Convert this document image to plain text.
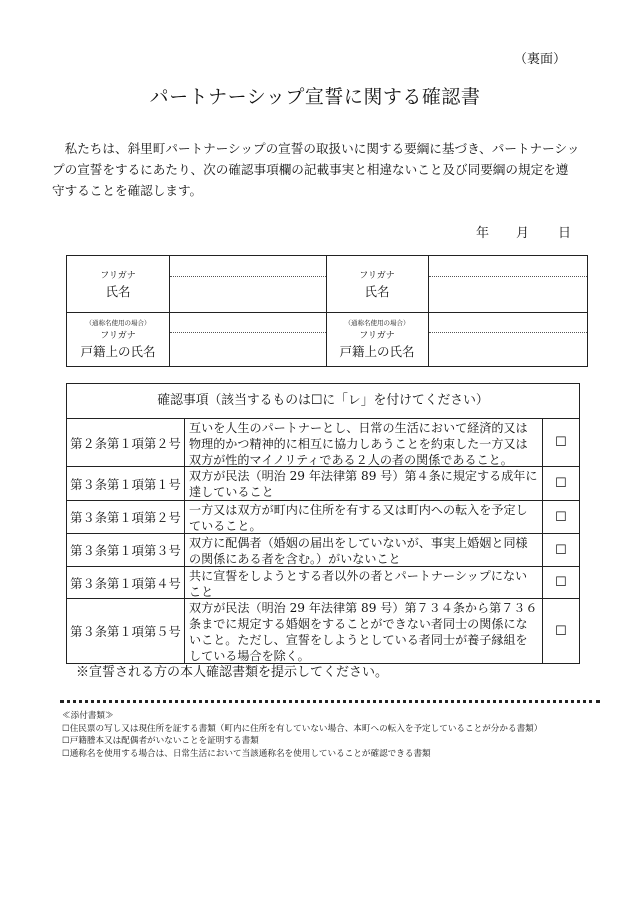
（裏面）
パートナーシップ宣誓に関する確認書
私たちは、斜里町パートナーシップの宣誓の取扱いに関する要綱に基づき、パートナーシップの宣誓をするにあたり、次の確認事項欄の記載事実と相違ないこと及び同要綱の規定を遵守することを確認します。
年 月 日
フリガナ
氏名
フリガナ
氏名
（通称名使用の場合）
フリガナ
戸籍上の氏名
（通称名使用の場合）
フリガナ
戸籍上の氏名
確認事項（該当するものは☐に「レ」を付けてください）
第２条第１項第２号
互いを人生のパートナーとし、日常の生活において経済的又は物理的かつ精神的に相互に協力しあうことを約束した一方又は双方が性的マイノリティである２人の者の関係であること。
☐
第３条第１項第１号
双方が民法（明治 29 年法律第 89 号）第４条に規定する成年に達していること
☐
第３条第１項第２号
一方又は双方が町内に住所を有する又は町内への転入を予定していること。
☐
第３条第１項第３号
双方に配偶者（婚姻の届出をしていないが、事実上婚姻と同様の関係にある者を含む。）がいないこと
☐
第３条第１項第４号
共に宣誓をしようとする者以外の者とパートナーシップにないこと
☐
第３条第１項第５号
双方が民法（明治 29 年法律第 89 号）第７３４条から第７３６条までに規定する婚姻をすることができない者同士の関係にないこと。ただし、宣誓をしようとしている者同士が養子縁組をしている場合を除く。
☐
※宣誓される方の本人確認書類を提示してください。
≪添付書類≫
☐住民票の写し又は現住所を証する書類（町内に住所を有していない場合、本町への転入を予定していることが分かる書類）
☐戸籍謄本又は配偶者がいないことを証明する書類
☐通称名を使用する場合は、日常生活において当該通称名を使用していることが確認できる書類
